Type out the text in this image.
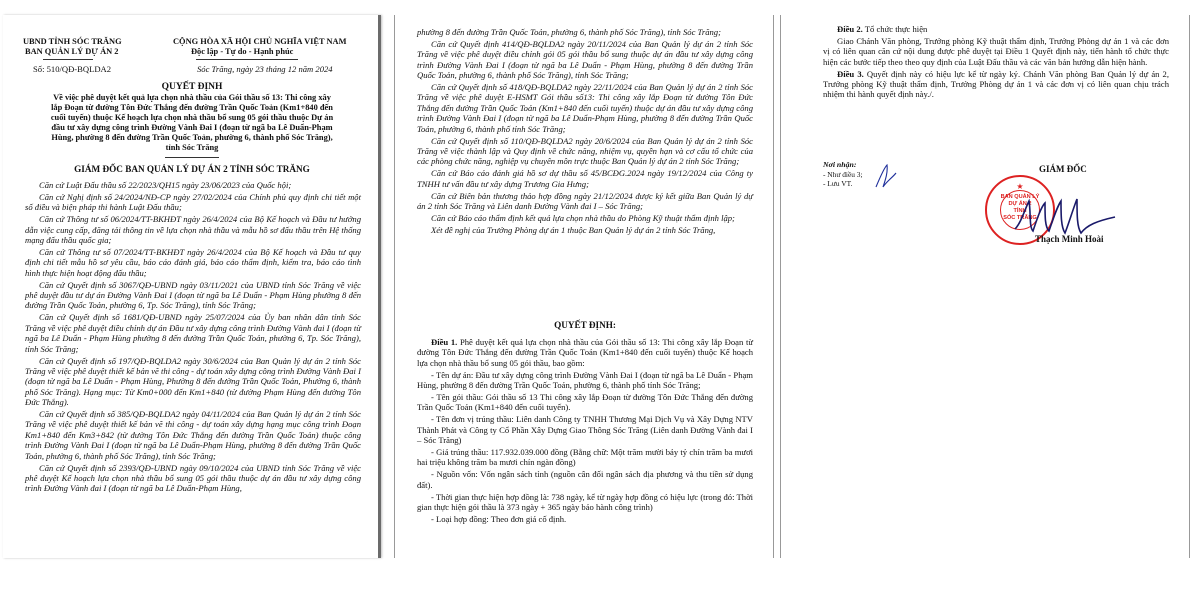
UBND TỈNH SÓC TRĂNG
BAN QUẢN LÝ DỰ ÁN 2
Số: 510/QĐ-BQLDA2
CỘNG HÒA XÃ HỘI CHỦ NGHĨA VIỆT NAM
Độc lập - Tự do - Hạnh phúc
Sóc Trăng, ngày 23 tháng 12 năm 2024
QUYẾT ĐỊNH
Về việc phê duyệt kết quả lựa chọn nhà thầu của Gói thầu số 13: Thi công xây
lắp Đoạn từ đường Tôn Đức Thắng đến đường Trần Quốc Toản (Km1+840 đến
cuối tuyến) thuộc Kế hoạch lựa chọn nhà thầu bổ sung 05 gói thầu thuộc Dự án
đầu tư xây dựng công trình Đường Vành Đai I (đoạn từ ngã ba Lê Duẩn-Phạm
Hùng, phường 8 đến đường Trần Quốc Toản, phường 6, thành phố Sóc Trăng),
tỉnh Sóc Trăng
GIÁM ĐỐC BAN QUẢN LÝ DỰ ÁN 2 TỈNH SÓC TRĂNG

Căn cứ Luật Đấu thầu số 22/2023/QH15 ngày 23/06/2023 của Quốc hội;

Căn cứ Nghị định số 24/2024/NĐ-CP ngày 27/02/2024 của Chính phủ quy định chi tiết một số điều và biện pháp thi hành Luật Đấu thầu;

Căn cứ Thông tư số 06/2024/TT-BKHĐT ngày 26/4/2024 của Bộ Kế hoạch và Đầu tư hướng dẫn việc cung cấp, đăng tải thông tin về lựa chọn nhà thầu và mẫu hồ sơ đấu thầu trên Hệ thống mạng đấu thầu quốc gia;

Căn cứ Thông tư số 07/2024/TT-BKHĐT ngày 26/4/2024 của Bộ Kế hoạch và Đầu tư quy định chi tiết mẫu hồ sơ yêu cầu, báo cáo đánh giá, báo cáo thẩm định, kiểm tra, báo cáo tình hình thực hiện hoạt động đấu thầu;

Căn cứ Quyết định số 3067/QĐ-UBND ngày 03/11/2021 của UBND tỉnh Sóc Trăng về việc phê duyệt đầu tư dự án Đường Vành Đai I (đoạn từ ngã ba Lê Duẩn - Phạm Hùng phường 8 đến đường Trần Quốc Toản, phường 6, Tp. Sóc Trăng), tỉnh Sóc Trăng;

Căn cứ Quyết định số 1681/QĐ-UBND ngày 25/07/2024 của Ủy ban nhân dân tỉnh Sóc Trăng về việc phê duyệt điều chỉnh dự án Đầu tư xây dựng công trình Đường Vành đai I (đoạn từ ngã ba Lê Duẩn - Phạm Hùng phường 8 đến đường Trần Quốc Toản, phường 6, Tp. Sóc Trăng), tỉnh Sóc Trăng;

Căn cứ Quyết định số 197/QĐ-BQLDA2 ngày 30/6/2024 của Ban Quản lý dự án 2 tỉnh Sóc Trăng về việc phê duyệt thiết kế bản vẽ thi công - dự toán xây dựng công trình Đường Vành Đai I (đoạn từ ngã ba Lê Duẩn - Phạm Hùng, Phường 8 đến đường Trần Quốc Toản, Phường 6, thành phố Sóc Trăng). Hạng mục: Từ Km0+000 đến Km1+840 (từ đường Phạm Hùng đến đường Tôn Đức Thắng).

Căn cứ Quyết định số 385/QĐ-BQLDA2 ngày 04/11/2024 của Ban Quản lý dự án 2 tỉnh Sóc Trăng về việc phê duyệt thiết kế bản vẽ thi công - dự toán xây dựng hạng mục công trình Đoạn Km1+840 đến Km3+842 (từ đường Tôn Đức Thắng đến đường Trần Quốc Toản) thuộc công trình Đường Vành Đai I (đoạn từ ngã ba Lê Duẩn-Phạm Hùng, phường 8 đến đường Trần Quốc Toản, phường 6, thành phố Sóc Trăng), tỉnh Sóc Trăng;

Căn cứ Quyết định số 2393/QĐ-UBND ngày 09/10/2024 của UBND tỉnh Sóc Trăng về việc phê duyệt Kế hoạch lựa chọn nhà thầu bổ sung 05 gói thầu thuộc dự án đầu tư xây dựng công trình Đường Vành đai I (đoạn từ ngã ba Lê Duẩn-Phạm Hùng,

phường 8 đến đường Trần Quốc Toản, phường 6, thành phố Sóc Trăng), tỉnh Sóc Trăng;

Căn cứ Quyết định 414/QĐ-BQLDA2 ngày 20/11/2024 của Ban Quản lý dự án 2 tỉnh Sóc Trăng về việc phê duyệt điều chỉnh gói 05 gói thầu bổ sung thuộc dự án đầu tư xây dựng công trình Đường Vành Đai I (đoạn từ ngã ba Lê Duẩn - Phạm Hùng, phường 8 đến đường Trần Quốc Toản, phường 6, thành phố Sóc Trăng), tỉnh Sóc Trăng;

Căn cứ Quyết định số 418/QĐ-BQLDA2 ngày 22/11/2024 của Ban Quản lý dự án 2 tỉnh Sóc Trăng về việc phê duyệt E-HSMT Gói thầu số13: Thi công xây lắp Đoạn từ đường Tôn Đức Thắng đến đường Trần Quốc Toản (Km1+840 đến cuối tuyến) thuộc dự án đầu tư xây dựng công trình Đường Vành Đai I (đoạn từ ngã ba Lê Duẩn-Phạm Hùng, phường 8 đến đường Trần Quốc Toản, phường 6, thành phố tỉnh Sóc Trăng;

Căn cứ Quyết định số 110/QĐ-BQLDA2 ngày 20/6/2024 của Ban Quản lý dự án 2 tỉnh Sóc Trăng về việc thành lập và Quy định về chức năng, nhiệm vụ, quyền hạn và cơ cấu tổ chức của các phòng chức năng, nghiệp vụ chuyên môn trực thuộc Ban Quản lý dự án 2 tỉnh Sóc Trăng;

Căn cứ Báo cáo đánh giá hồ sơ dự thầu số 45/BCĐG.2024 ngày 19/12/2024 của Công ty TNHH tư vấn đầu tư xây dựng Trương Gia Hưng;

Căn cứ Biên bản thương thảo hợp đồng ngày 21/12/2024 được ký kết giữa Ban Quản lý dự án 2 tỉnh Sóc Trăng và Liên danh Đường Vành đai I – Sóc Trăng;

Căn cứ Báo cáo thẩm định kết quả lựa chọn nhà thầu do Phòng Kỹ thuật thẩm định lập;

Xét đề nghị của Trưởng Phòng dự án 1 thuộc Ban Quản lý dự án 2 tỉnh Sóc Trăng,

QUYẾT ĐỊNH:

Điều 1. Phê duyệt kết quả lựa chọn nhà thầu của Gói thầu số 13: Thi công xây lắp Đoạn từ đường Tôn Đức Thắng đến đường Trần Quốc Toản (Km1+840 đến cuối tuyến) thuộc Kế hoạch lựa chọn nhà thầu bổ sung 05 gói thầu, bao gồm:

- Tên dự án: Đầu tư xây dựng công trình Đường Vành Đai I (đoạn từ ngã ba Lê Duẩn - Phạm Hùng, phường 8 đến đường Trần Quốc Toản, phường 6, thành phố tỉnh Sóc Trăng;

- Tên gói thầu: Gói thầu số 13 Thi công xây lắp Đoạn từ đường Tôn Đức Thắng đến đường Trần Quốc Toản (Km1+840 đến cuối tuyến).

- Tên đơn vị trúng thầu: Liên danh Công ty TNHH Thương Mại Dịch Vụ và Xây Dựng NTV Thành Phát và Công ty Cổ Phần Xây Dựng Giao Thông Sóc Trăng (Liên danh Đường Vành đai I – Sóc Trăng)

- Giá trúng thầu: 117.932.039.000 đồng (Bằng chữ: Một trăm mười bảy tỷ chín trăm ba mươi hai triệu không trăm ba mươi chín ngàn đồng)

- Nguồn vốn: Vốn ngân sách tỉnh (nguồn cân đối ngân sách địa phương và thu tiền sử dụng đất).

- Thời gian thực hiện hợp đồng là: 738 ngày, kể từ ngày hợp đồng có hiệu lực (trong đó: Thời gian thực hiện gói thầu là 373 ngày + 365 ngày bảo hành công trình)

- Loại hợp đồng: Theo đơn giá cố định.

Điều 2. Tổ chức thực hiện

Giao Chánh Văn phòng, Trưởng phòng Kỹ thuật thẩm định, Trưởng Phòng dự án 1 và các đơn vị có liên quan căn cứ nội dung được phê duyệt tại Điều 1 Quyết định này, tiến hành tổ chức thực hiện các bước tiếp theo theo quy định của Luật Đấu thầu và các văn bản hướng dẫn hiện hành.

Điều 3. Quyết định này có hiệu lực kể từ ngày ký. Chánh Văn phòng Ban Quản lý dự án 2, Trưởng phòng Kỹ thuật thẩm định, Trưởng Phòng dự án 1 và các đơn vị có liên quan chịu trách nhiệm thi hành quyết định này./.

Nơi nhận:
- Như điều 3;
- Lưu VT.
GIÁM ĐỐC
★
BAN QUẢN LÝ
DỰ ÁN 2
TỈNH
SÓC TRĂNG
Thạch Minh Hoài
